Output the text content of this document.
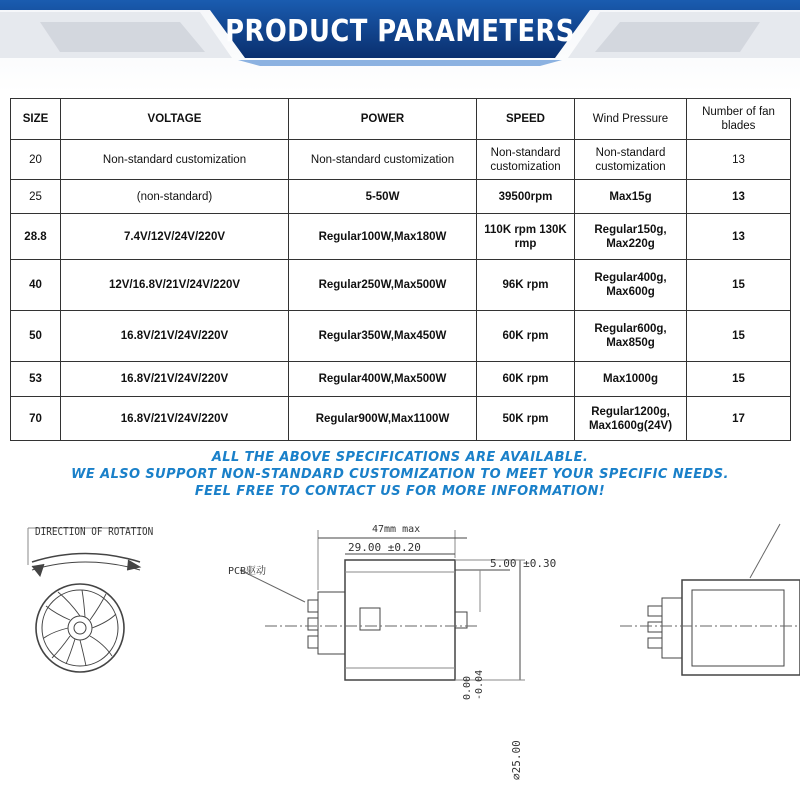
PRODUCT PARAMETERS
SIZE	VOLTAGE	POWER	SPEED	Wind Pressure	Number of fan blades
20	Non-standard customization	Non-standard customization	Non-standard customization	Non-standard customization	13
25	(non-standard)	5-50W	39500rpm	Max15g	13
28.8	7.4V/12V/24V/220V	Regular100W,Max180W	110K rpm 130K rmp	Regular150g, Max220g	13
40	12V/16.8V/21V/24V/220V	Regular250W,Max500W	96K rpm	Regular400g, Max600g	15
50	16.8V/21V/24V/220V	Regular350W,Max450W	60K rpm	Regular600g, Max850g	15
53	16.8V/21V/24V/220V	Regular400W,Max500W	60K rpm	Max1000g	15
70	16.8V/21V/24V/220V	Regular900W,Max1100W	50K rpm	Regular1200g, Max1600g(24V)	17
ALL THE ABOVE SPECIFICATIONS ARE AVAILABLE.
WE ALSO SUPPORT NON-STANDARD CUSTOMIZATION TO MEET YOUR SPECIFIC NEEDS.
FEEL FREE TO CONTACT US FOR MORE INFORMATION!
DIRECTION OF ROTATION	47mm max
29.00 ±0.20
5.00 ±0.30
PCB驱动
0.00
-0.04
∅25.00
